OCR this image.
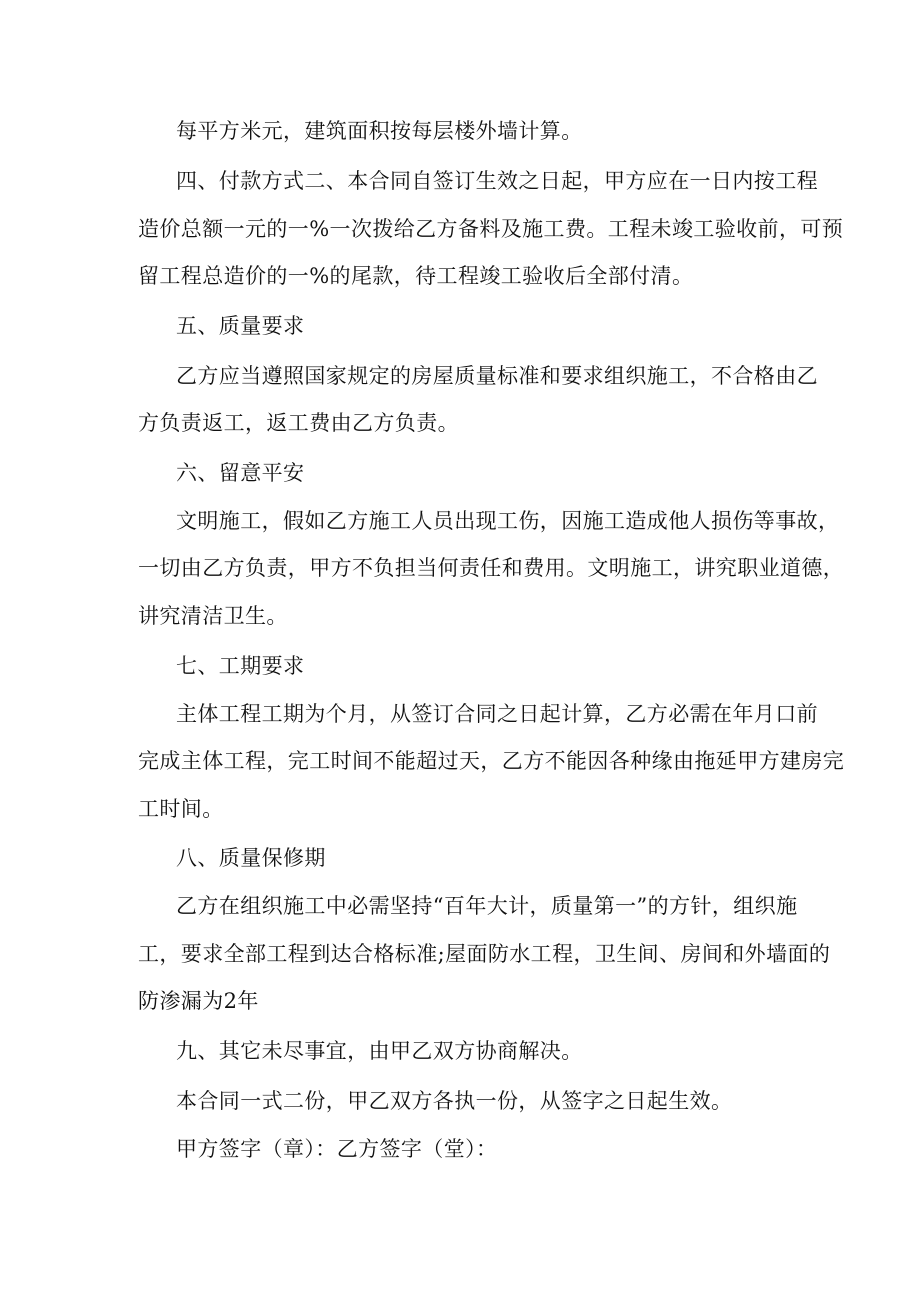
每平方米元，建筑面积按每层楼外墙计算。
四、付款方式二、本合同自签订生效之日起，甲方应在一日内按工程
造价总额一元的一%一次拨给乙方备料及施工费。工程未竣工验收前，可预
留工程总造价的一%的尾款，待工程竣工验收后全部付清。
五、质量要求
乙方应当遵照国家规定的房屋质量标准和要求组织施工，不合格由乙
方负责返工，返工费由乙方负责。
六、留意平安
文明施工，假如乙方施工人员出现工伤，因施工造成他人损伤等事故，
一切由乙方负责，甲方不负担当何责任和费用。文明施工，讲究职业道德，
讲究清洁卫生。
七、工期要求
主体工程工期为个月，从签订合同之日起计算，乙方必需在年月口前
完成主体工程，完工时间不能超过天，乙方不能因各种缘由拖延甲方建房完
工时间。
八、质量保修期
乙方在组织施工中必需坚持“百年大计，质量第一”的方针，组织施
工，要求全部工程到达合格标准;屋面防水工程，卫生间、房间和外墙面的
防渗漏为2年
九、其它未尽事宜，由甲乙双方协商解决。
本合同一式二份，甲乙双方各执一份，从签字之日起生效。
甲方签字（章）：乙方签字（堂）：
